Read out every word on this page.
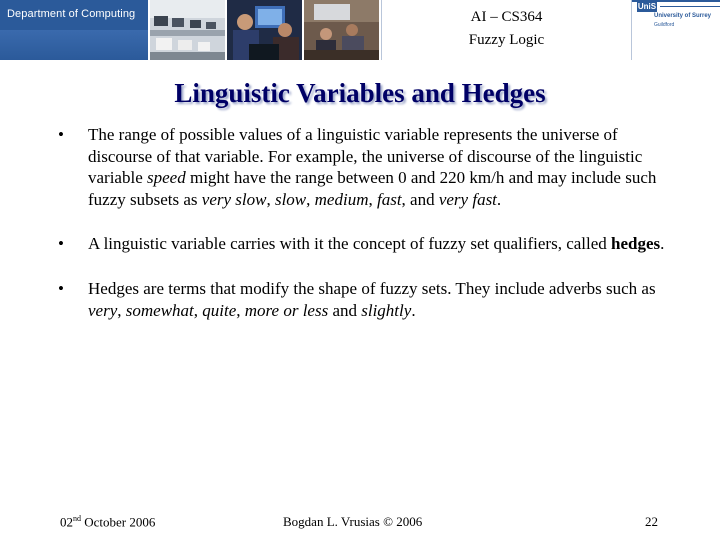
Department of Computing	AI – CS364
Fuzzy Logic
UniS
University of Surrey
Guildford
Linguistic Variables and Hedges
• The range of possible values of a linguistic variable represents the universe of discourse of that variable. For example, the universe of discourse of the linguistic variable speed might have the range between 0 and 220 km/h and may include such fuzzy subsets as very slow, slow, medium, fast, and very fast.
• A linguistic variable carries with it the concept of fuzzy set qualifiers, called hedges.
• Hedges are terms that modify the shape of fuzzy sets. They include adverbs such as very, somewhat, quite, more or less and slightly.
02nd October 2006	Bogdan L. Vrusias © 2006	22
